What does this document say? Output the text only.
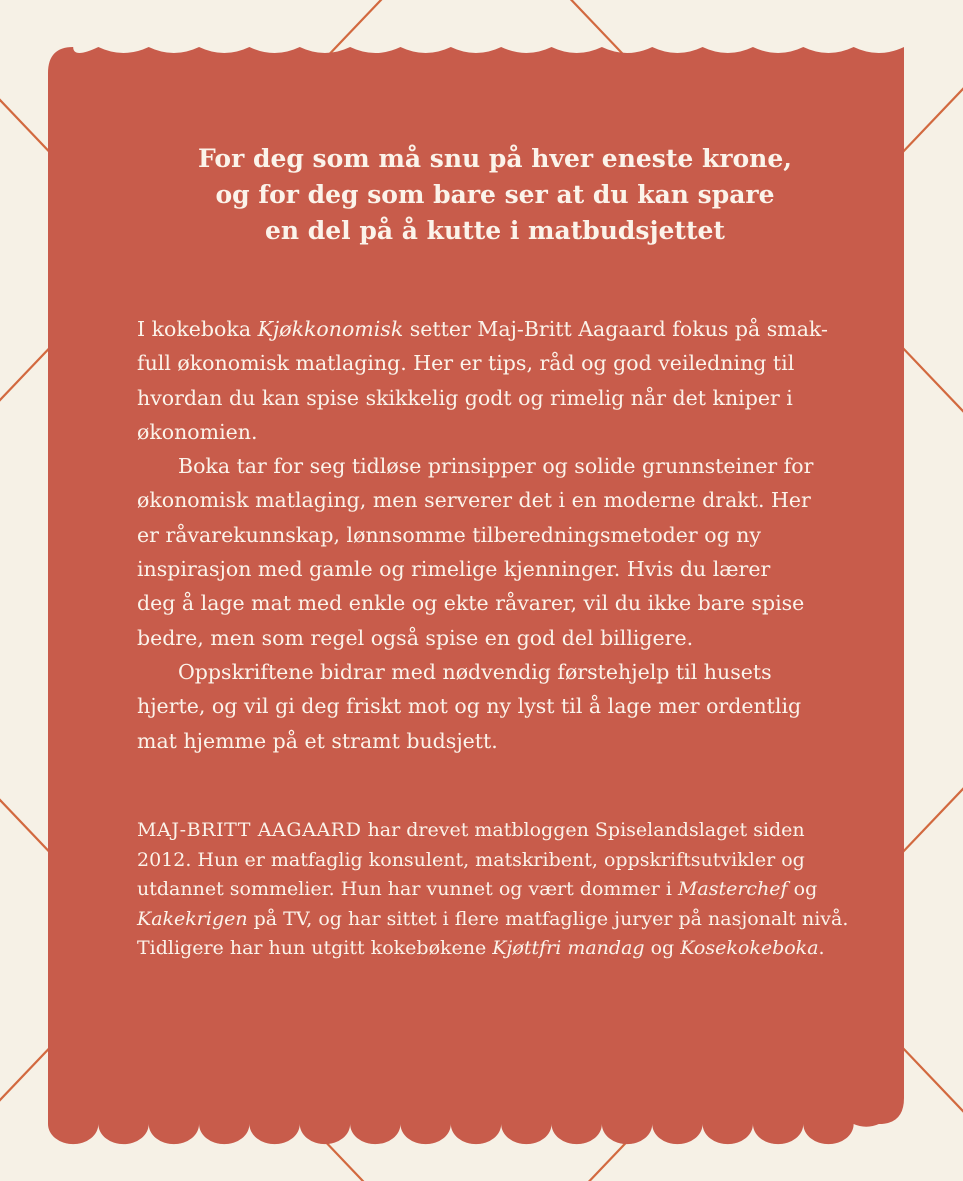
For deg som må snu på hver eneste krone,
og for deg som bare ser at du kan spare
en del på å kutte i matbudsjettet
I kokeboka Kjøkkonomisk setter Maj-Britt Aagaard fokus på smak-
full økonomisk matlaging. Her er tips, råd og god veiledning til
hvordan du kan spise skikkelig godt og rimelig når det kniper i
økonomien.
Boka tar for seg tidløse prinsipper og solide grunnsteiner for
økonomisk matlaging, men serverer det i en moderne drakt. Her
er råvarekunnskap, lønnsomme tilberedningsmetoder og ny
inspirasjon med gamle og rimelige kjenninger. Hvis du lærer
deg å lage mat med enkle og ekte råvarer, vil du ikke bare spise
bedre, men som regel også spise en god del billigere.
Oppskriftene bidrar med nødvendig førstehjelp til husets
hjerte, og vil gi deg friskt mot og ny lyst til å lage mer ordentlig
mat hjemme på et stramt budsjett.
MAJ-BRITT AAGAARD har drevet matbloggen Spiselandslaget siden
2012. Hun er matfaglig konsulent, matskribent, oppskriftsutvikler og
utdannet sommelier. Hun har vunnet og vært dommer i Masterchef og
Kakekrigen på TV, og har sittet i flere matfaglige juryer på nasjonalt nivå.
Tidligere har hun utgitt kokebøkene Kjøttfri mandag og Kosekokeboka.
